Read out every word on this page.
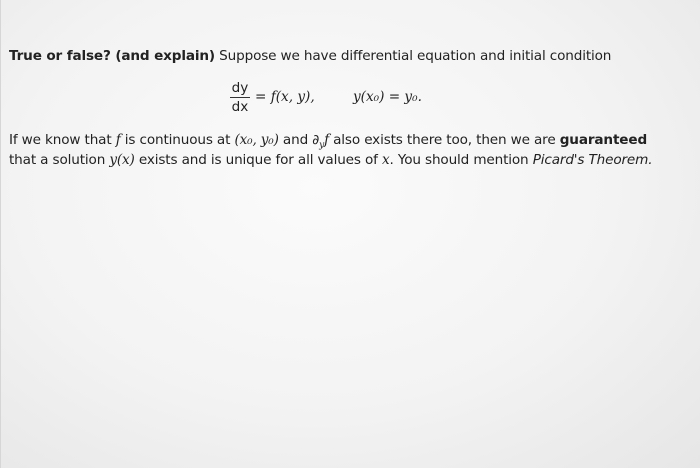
True or false? (and explain) Suppose we have differential equation and initial condition
dy
dx
= f(x, y),	y(x₀) = y₀.
If we know that f is continuous at (x₀, y₀) and $\partial_yf$ also exists there too, then we are guaranteed
that a solution y(x) exists and is unique for all values of x. You should mention Picard's Theorem.
